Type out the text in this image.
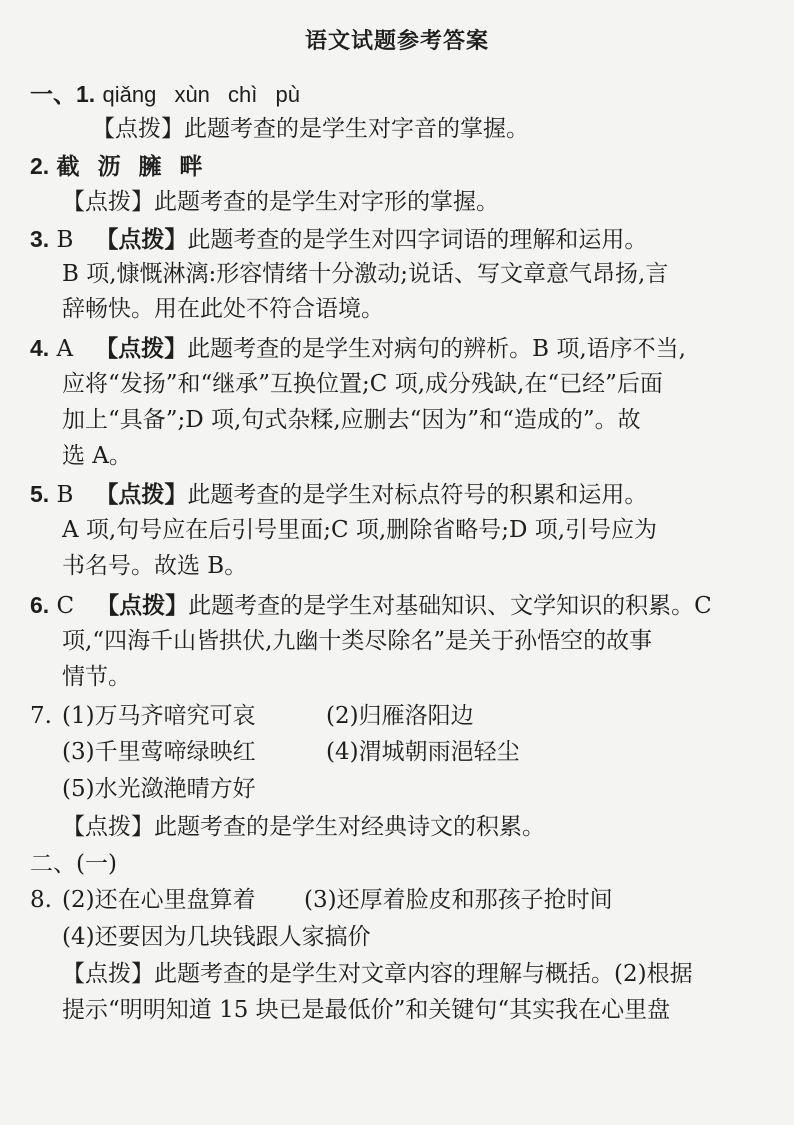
语文试题参考答案
一、1. qiǎng xùn chì pù
【点拨】此题考查的是学生对字音的掌握。
2. 截 沥 臃 畔
【点拨】此题考查的是学生对字形的掌握。
3. B 【点拨】此题考查的是学生对四字词语的理解和运用。
B 项,慷慨淋漓:形容情绪十分激动;说话、写文章意气昂扬,言
辞畅快。用在此处不符合语境。
4. A 【点拨】此题考查的是学生对病句的辨析。B 项,语序不当,
应将“发扬”和“继承”互换位置;C 项,成分残缺,在“已经”后面
加上“具备”;D 项,句式杂糅,应删去“因为”和“造成的”。故
选 A。
5. B 【点拨】此题考查的是学生对标点符号的积累和运用。
A 项,句号应在后引号里面;C 项,删除省略号;D 项,引号应为
书名号。故选 B。
6. C 【点拨】此题考查的是学生对基础知识、文学知识的积累。C
项,“四海千山皆拱伏,九幽十类尽除名”是关于孙悟空的故事
情节。
7. (1)万马齐喑究可哀	(2)归雁洛阳边
(3)千里莺啼绿映红	(4)渭城朝雨浥轻尘
(5)水光潋滟晴方好
【点拨】此题考查的是学生对经典诗文的积累。
二、(一)
8. (2)还在心里盘算着 (3)还厚着脸皮和那孩子抢时间
(4)还要因为几块钱跟人家搞价
【点拨】此题考查的是学生对文章内容的理解与概括。(2)根据
提示“明明知道 15 块已是最低价”和关键句“其实我在心里盘
